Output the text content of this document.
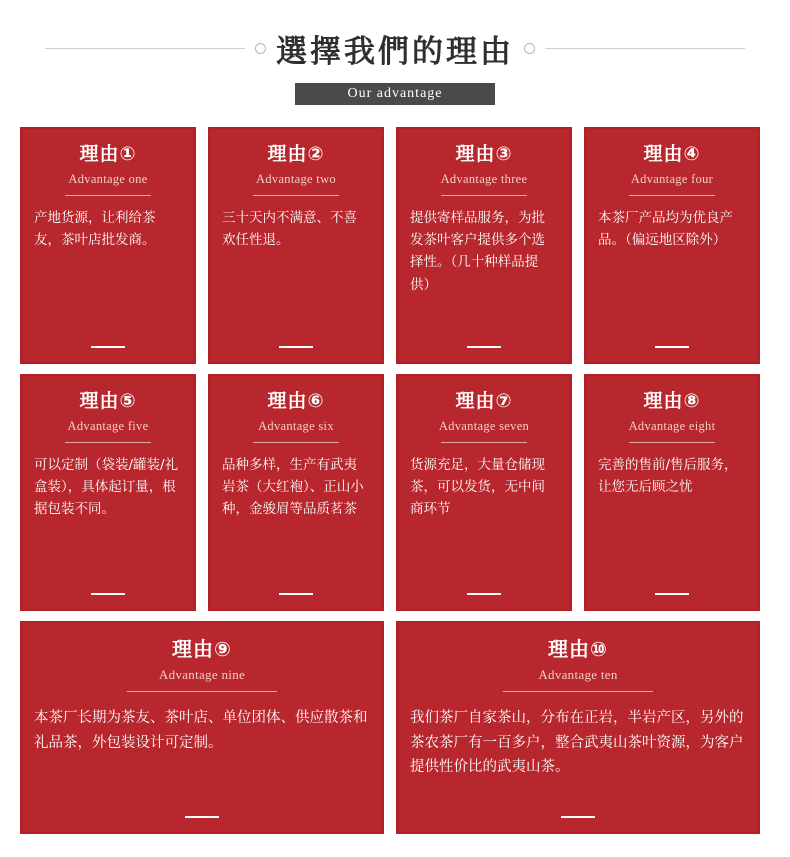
選擇我們的理由
Our advantage
理由①
Advantage one
产地货源，让利给茶友，茶叶店批发商。
理由②
Advantage two
三十天内不满意、不喜欢任性退。
理由③
Advantage three
提供寄样品服务，为批发茶叶客户提供多个选择性。（几十种样品提供）
理由④
Advantage four
本茶厂产品均为优良产品。（偏远地区除外）
理由⑤
Advantage five
可以定制（袋装/罐装/礼盒装），具体起订量，根据包装不同。
理由⑥
Advantage six
品种多样，生产有武夷岩茶（大红袍）、正山小种，金骏眉等品质茗茶
理由⑦
Advantage seven
货源充足，大量仓储现茶，可以发货，无中间商环节
理由⑧
Advantage eight
完善的售前/售后服务，让您无后顾之忧
理由⑨
Advantage nine
本茶厂长期为茶友、茶叶店、单位团体、供应散茶和礼品茶，外包装设计可定制。
理由⑩
Advantage ten
我们茶厂自家茶山，分布在正岩，半岩产区，另外的 茶农茶厂有一百多户，整合武夷山茶叶资源，为客户提供性价比的武夷山茶。
